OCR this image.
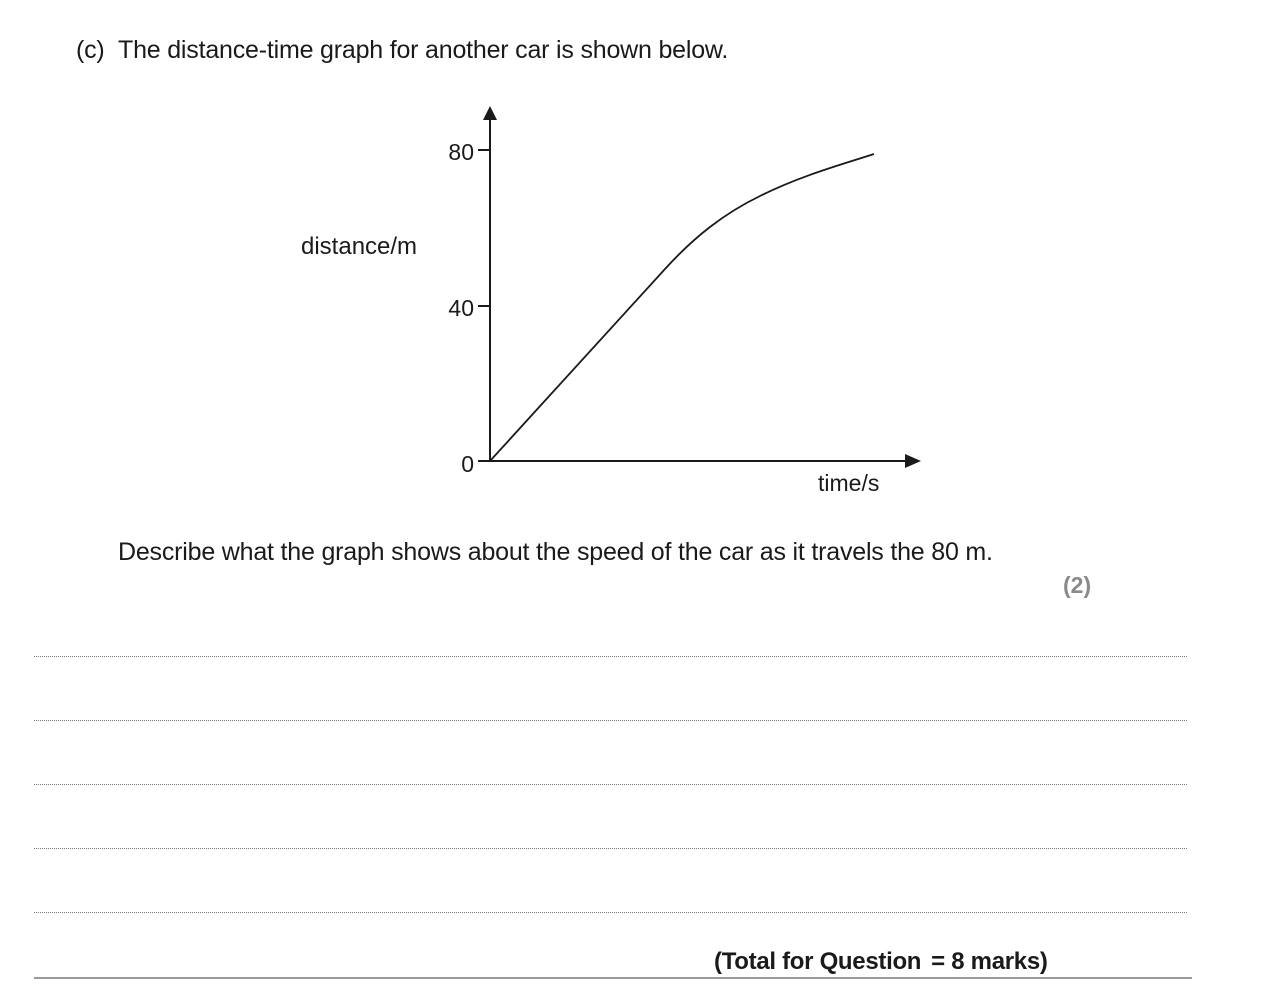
(c) The distance-time graph for another car is shown below.
80
40
0
distance/m
time/s
Describe what the graph shows about the speed of the car as it travels the 80 m.
(2)
(Total for Question = 8 marks)
